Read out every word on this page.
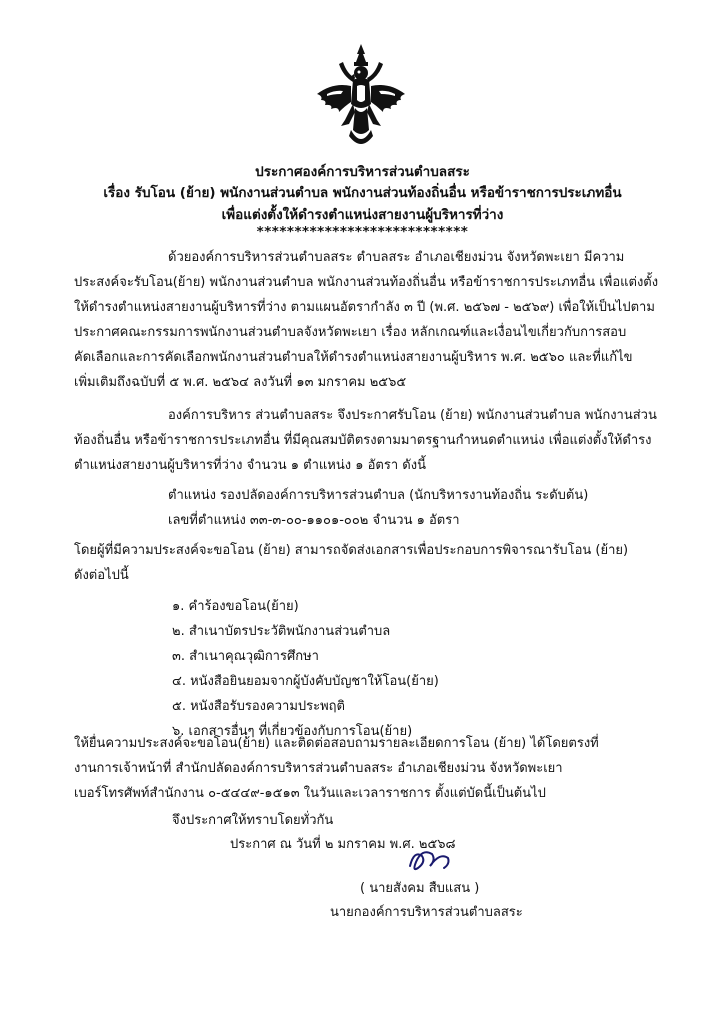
ประกาศองค์การบริหารส่วนตำบลสระ
เรื่อง รับโอน (ย้าย) พนักงานส่วนตำบล พนักงานส่วนท้องถิ่นอื่น หรือข้าราชการประเภทอื่น
เพื่อแต่งตั้งให้ดำรงตำแหน่งสายงานผู้บริหารที่ว่าง
****************************
ด้วยองค์การบริหารส่วนตำบลสระ ตำบลสระ อำเภอเชียงม่วน จังหวัดพะเยา มีความ
ประสงค์จะรับโอน(ย้าย) พนักงานส่วนตำบล พนักงานส่วนท้องถิ่นอื่น หรือข้าราชการประเภทอื่น เพื่อแต่งตั้ง
ให้ดำรงตำแหน่งสายงานผู้บริหารที่ว่าง ตามแผนอัตรากำลัง ๓ ปี (พ.ศ. ๒๕๖๗ - ๒๕๖๙) เพื่อให้เป็นไปตาม
ประกาศคณะกรรมการพนักงานส่วนตำบลจังหวัดพะเยา เรื่อง หลักเกณฑ์และเงื่อนไขเกี่ยวกับการสอบ
คัดเลือกและการคัดเลือกพนักงานส่วนตำบลให้ดำรงตำแหน่งสายงานผู้บริหาร พ.ศ. ๒๕๖๐ และที่แก้ไข
เพิ่มเติมถึงฉบับที่ ๕ พ.ศ. ๒๕๖๔ ลงวันที่ ๑๓ มกราคม ๒๕๖๕
องค์การบริหาร ส่วนตำบลสระ จึงประกาศรับโอน (ย้าย) พนักงานส่วนตำบล พนักงานส่วน
ท้องถิ่นอื่น หรือข้าราชการประเภทอื่น ที่มีคุณสมบัติตรงตามมาตรฐานกำหนดตำแหน่ง เพื่อแต่งตั้งให้ดำรง
ตำแหน่งสายงานผู้บริหารที่ว่าง จำนวน ๑ ตำแหน่ง ๑ อัตรา ดังนี้
ตำแหน่ง รองปลัดองค์การบริหารส่วนตำบล (นักบริหารงานท้องถิ่น ระดับต้น)
เลขที่ตำแหน่ง ๓๓-๓-๐๐-๑๑๐๑-๐๐๒ จำนวน ๑ อัตรา
โดยผู้ที่มีความประสงค์จะขอโอน (ย้าย) สามารถจัดส่งเอกสารเพื่อประกอบการพิจารณารับโอน (ย้าย)
ดังต่อไปนี้
๑. คำร้องขอโอน(ย้าย)
๒. สำเนาบัตรประวัติพนักงานส่วนตำบล
๓. สำเนาคุณวุฒิการศึกษา
๔. หนังสือยินยอมจากผู้บังคับบัญชาให้โอน(ย้าย)
๕. หนังสือรับรองความประพฤติ
๖. เอกสารอื่นๆ ที่เกี่ยวข้องกับการโอน(ย้าย)
ให้ยื่นความประสงค์จะขอโอน(ย้าย) และติดต่อสอบถามรายละเอียดการโอน (ย้าย) ได้โดยตรงที่
งานการเจ้าหน้าที่ สำนักปลัดองค์การบริหารส่วนตำบลสระ อำเภอเชียงม่วน จังหวัดพะเยา
เบอร์โทรศัพท์สำนักงาน ๐-๕๔๔๙-๑๕๑๓ ในวันและเวลาราชการ ตั้งแต่บัดนี้เป็นต้นไป
จึงประกาศให้ทราบโดยทั่วกัน
ประกาศ ณ วันที่ ๒ มกราคม พ.ศ. ๒๕๖๘
( นายสังคม สืบแสน )
นายกองค์การบริหารส่วนตำบลสระ
